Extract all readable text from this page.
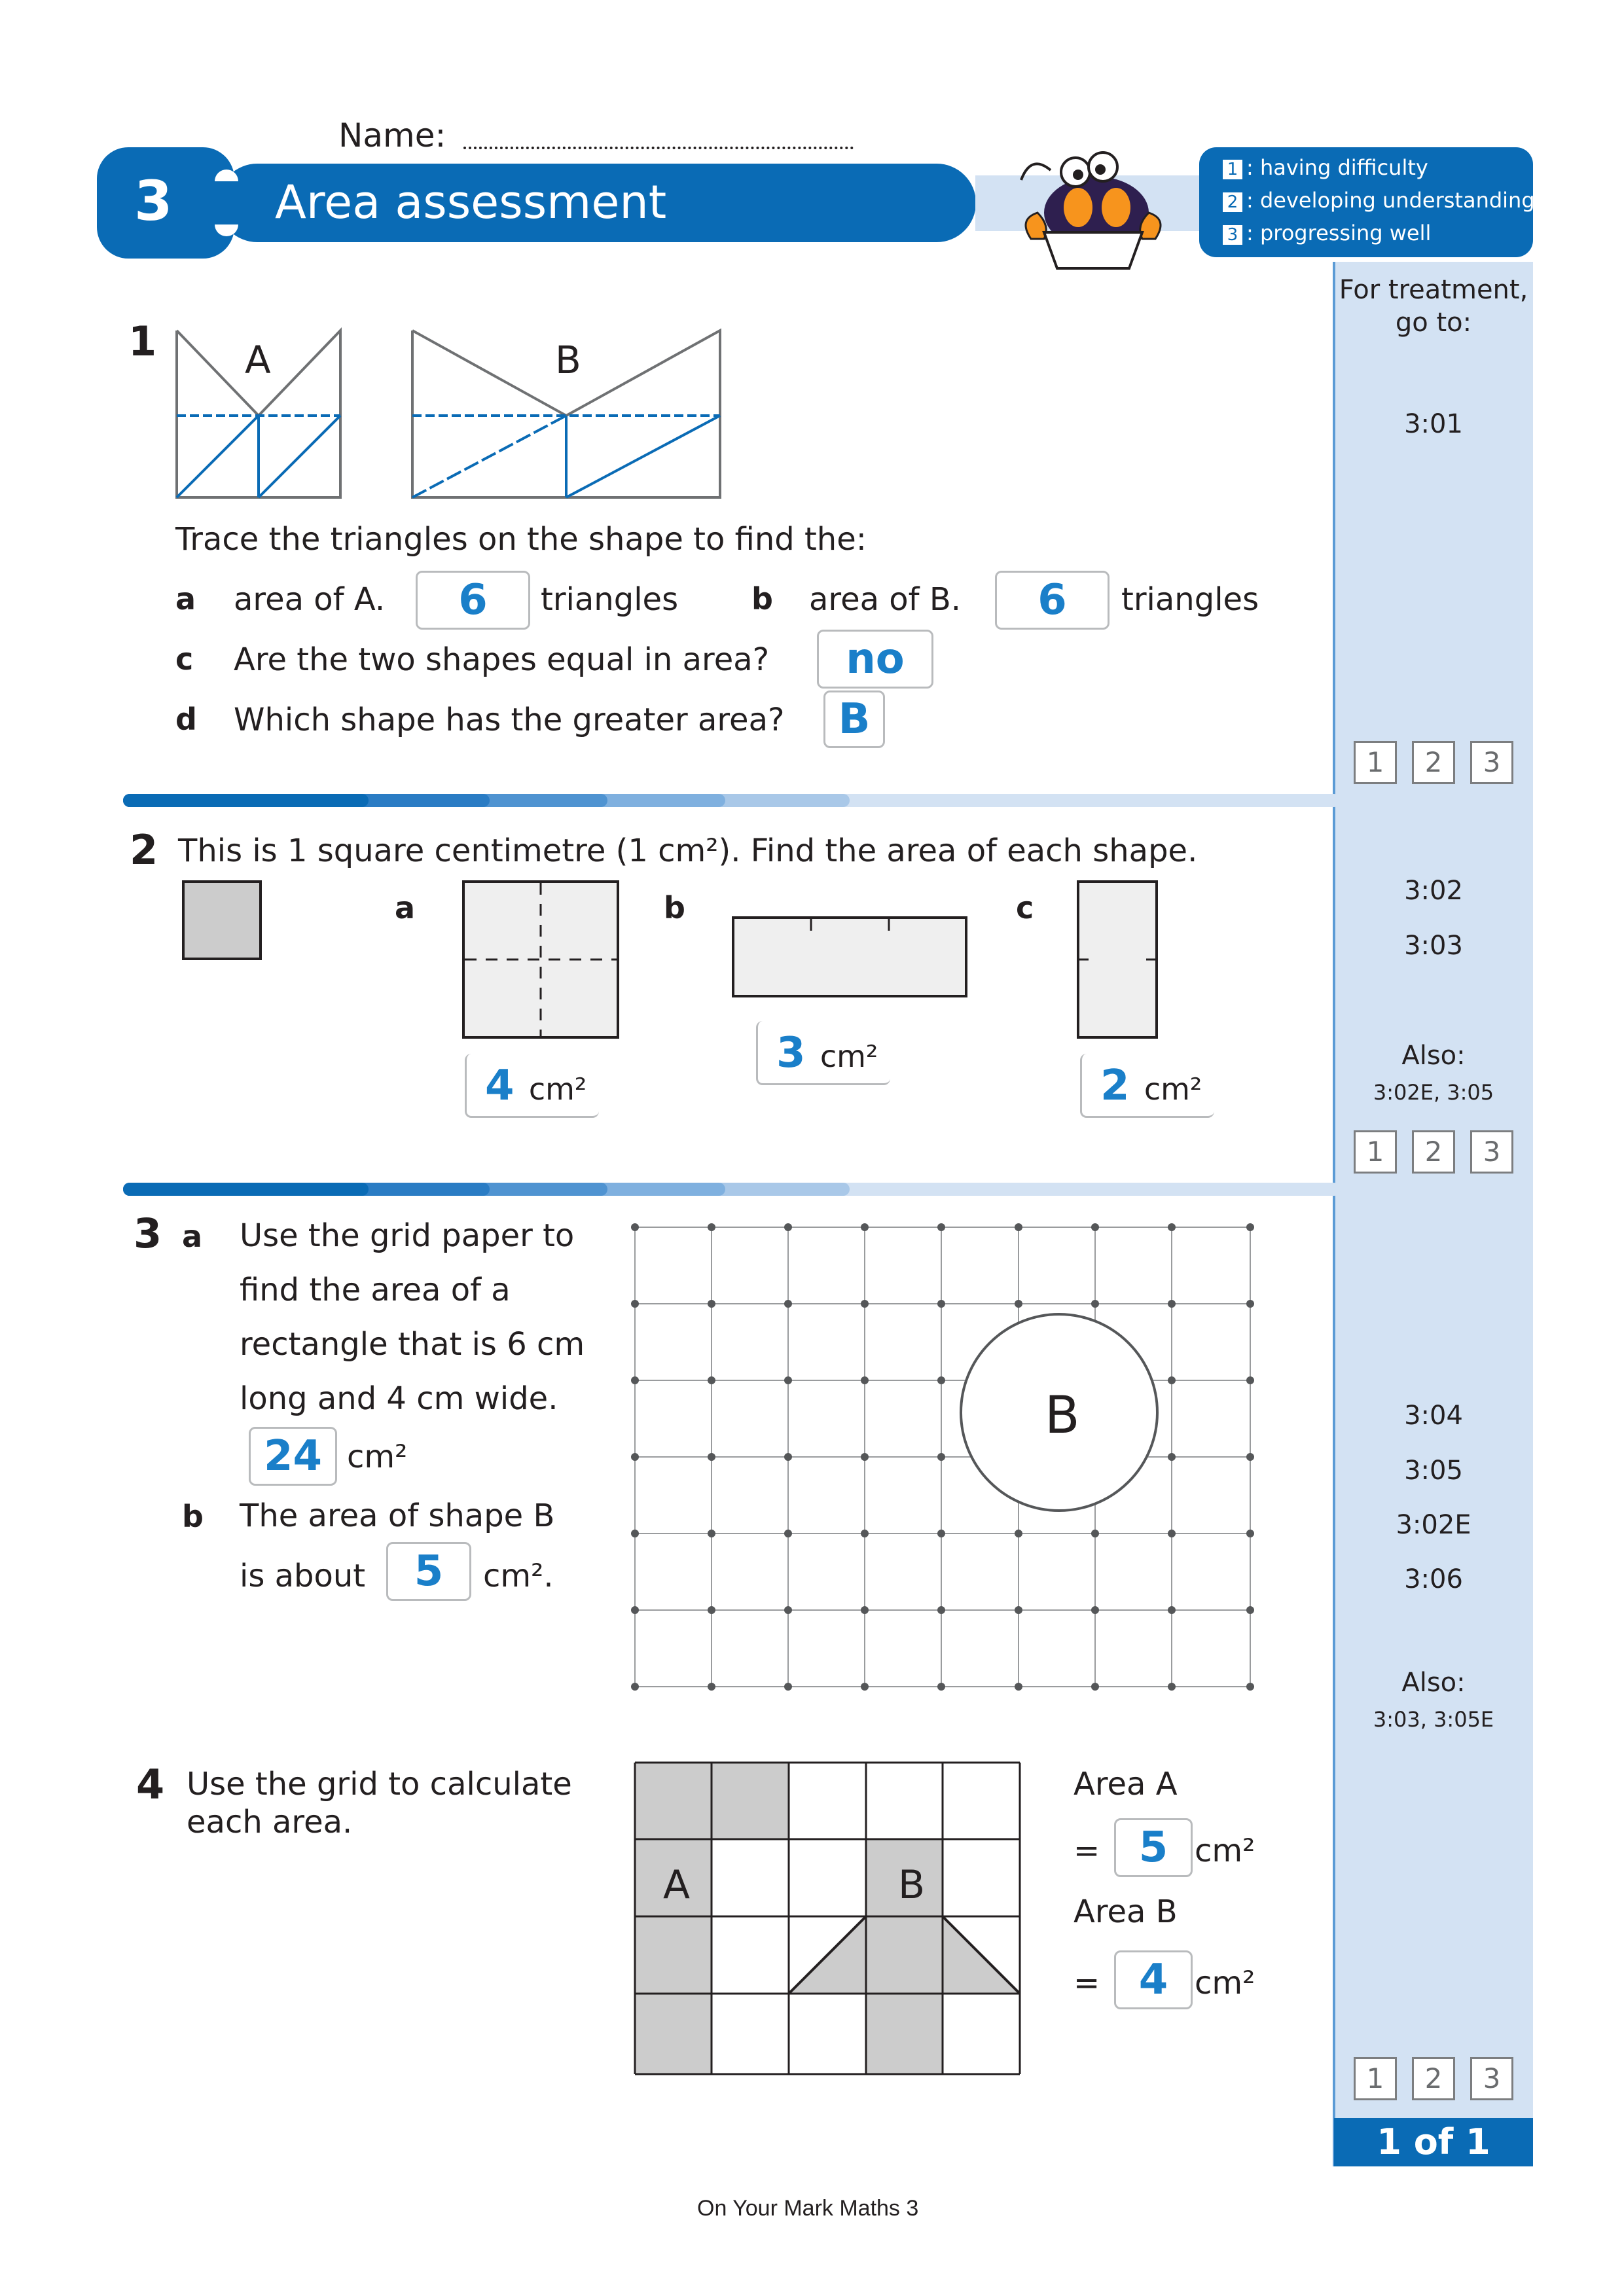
For treatment, go to:
3:01
1	2	3
3:02
3:03
Also:
3:02E, 3:05
1	2	3
3:04
3:05
3:02E
3:06
Also:
3:03, 3:05E
1	2	3
1 of 1
Name:
3 Area assessment
1 : having difficulty
2 : developing understanding
3 : progressing well
1 A	B
Trace the triangles on the shape to find the:
a area of A.	6	triangles b area of B.	6	triangles
c Are the two shapes equal in area?	no
d Which shape has the greater area?	B
2 This is 1 square centimetre (1 cm²). Find the area of each shape.
a
4 cm²
b
3 cm²
c
2 cm²
3 a Use the grid paper to
find the area of a
rectangle that is 6 cm
long and 4 cm wide.
24 cm²
b The area of shape B
is about	5	cm².
B
4 Use the grid to calculate
each area.
A	B
Area A
= 5 cm²
Area B
= 4 cm²
On Your Mark Maths 3
